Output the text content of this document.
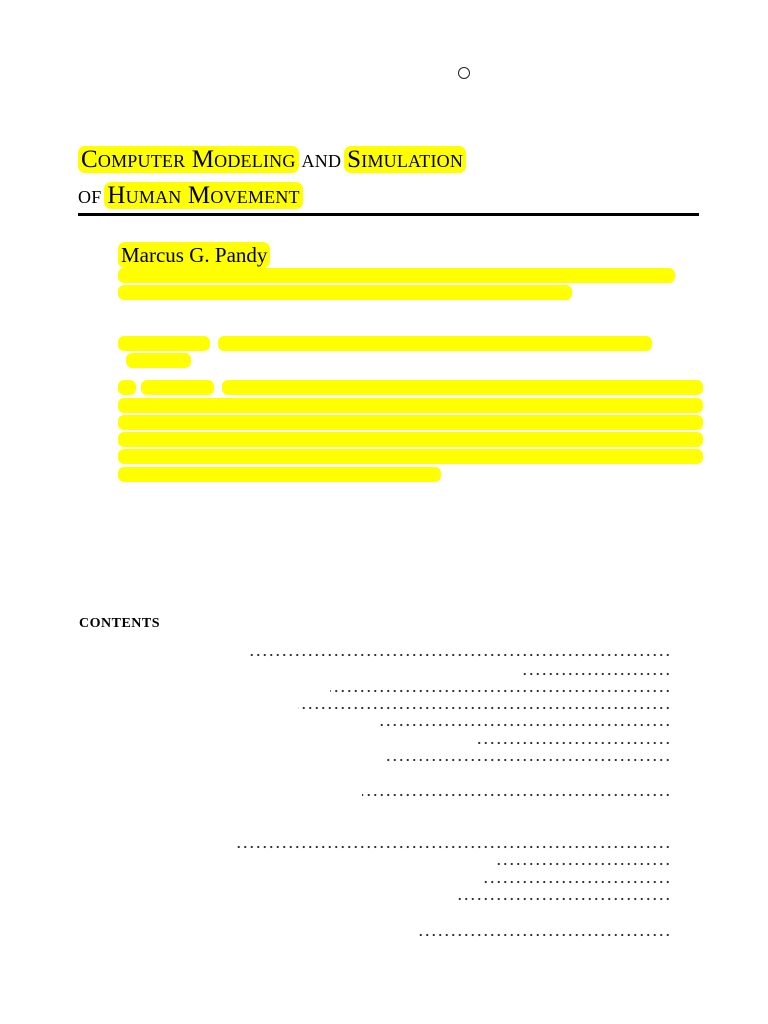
Computer Modeling and Simulation
of Human Movement
Marcus G. Pandy
CONTENTS
